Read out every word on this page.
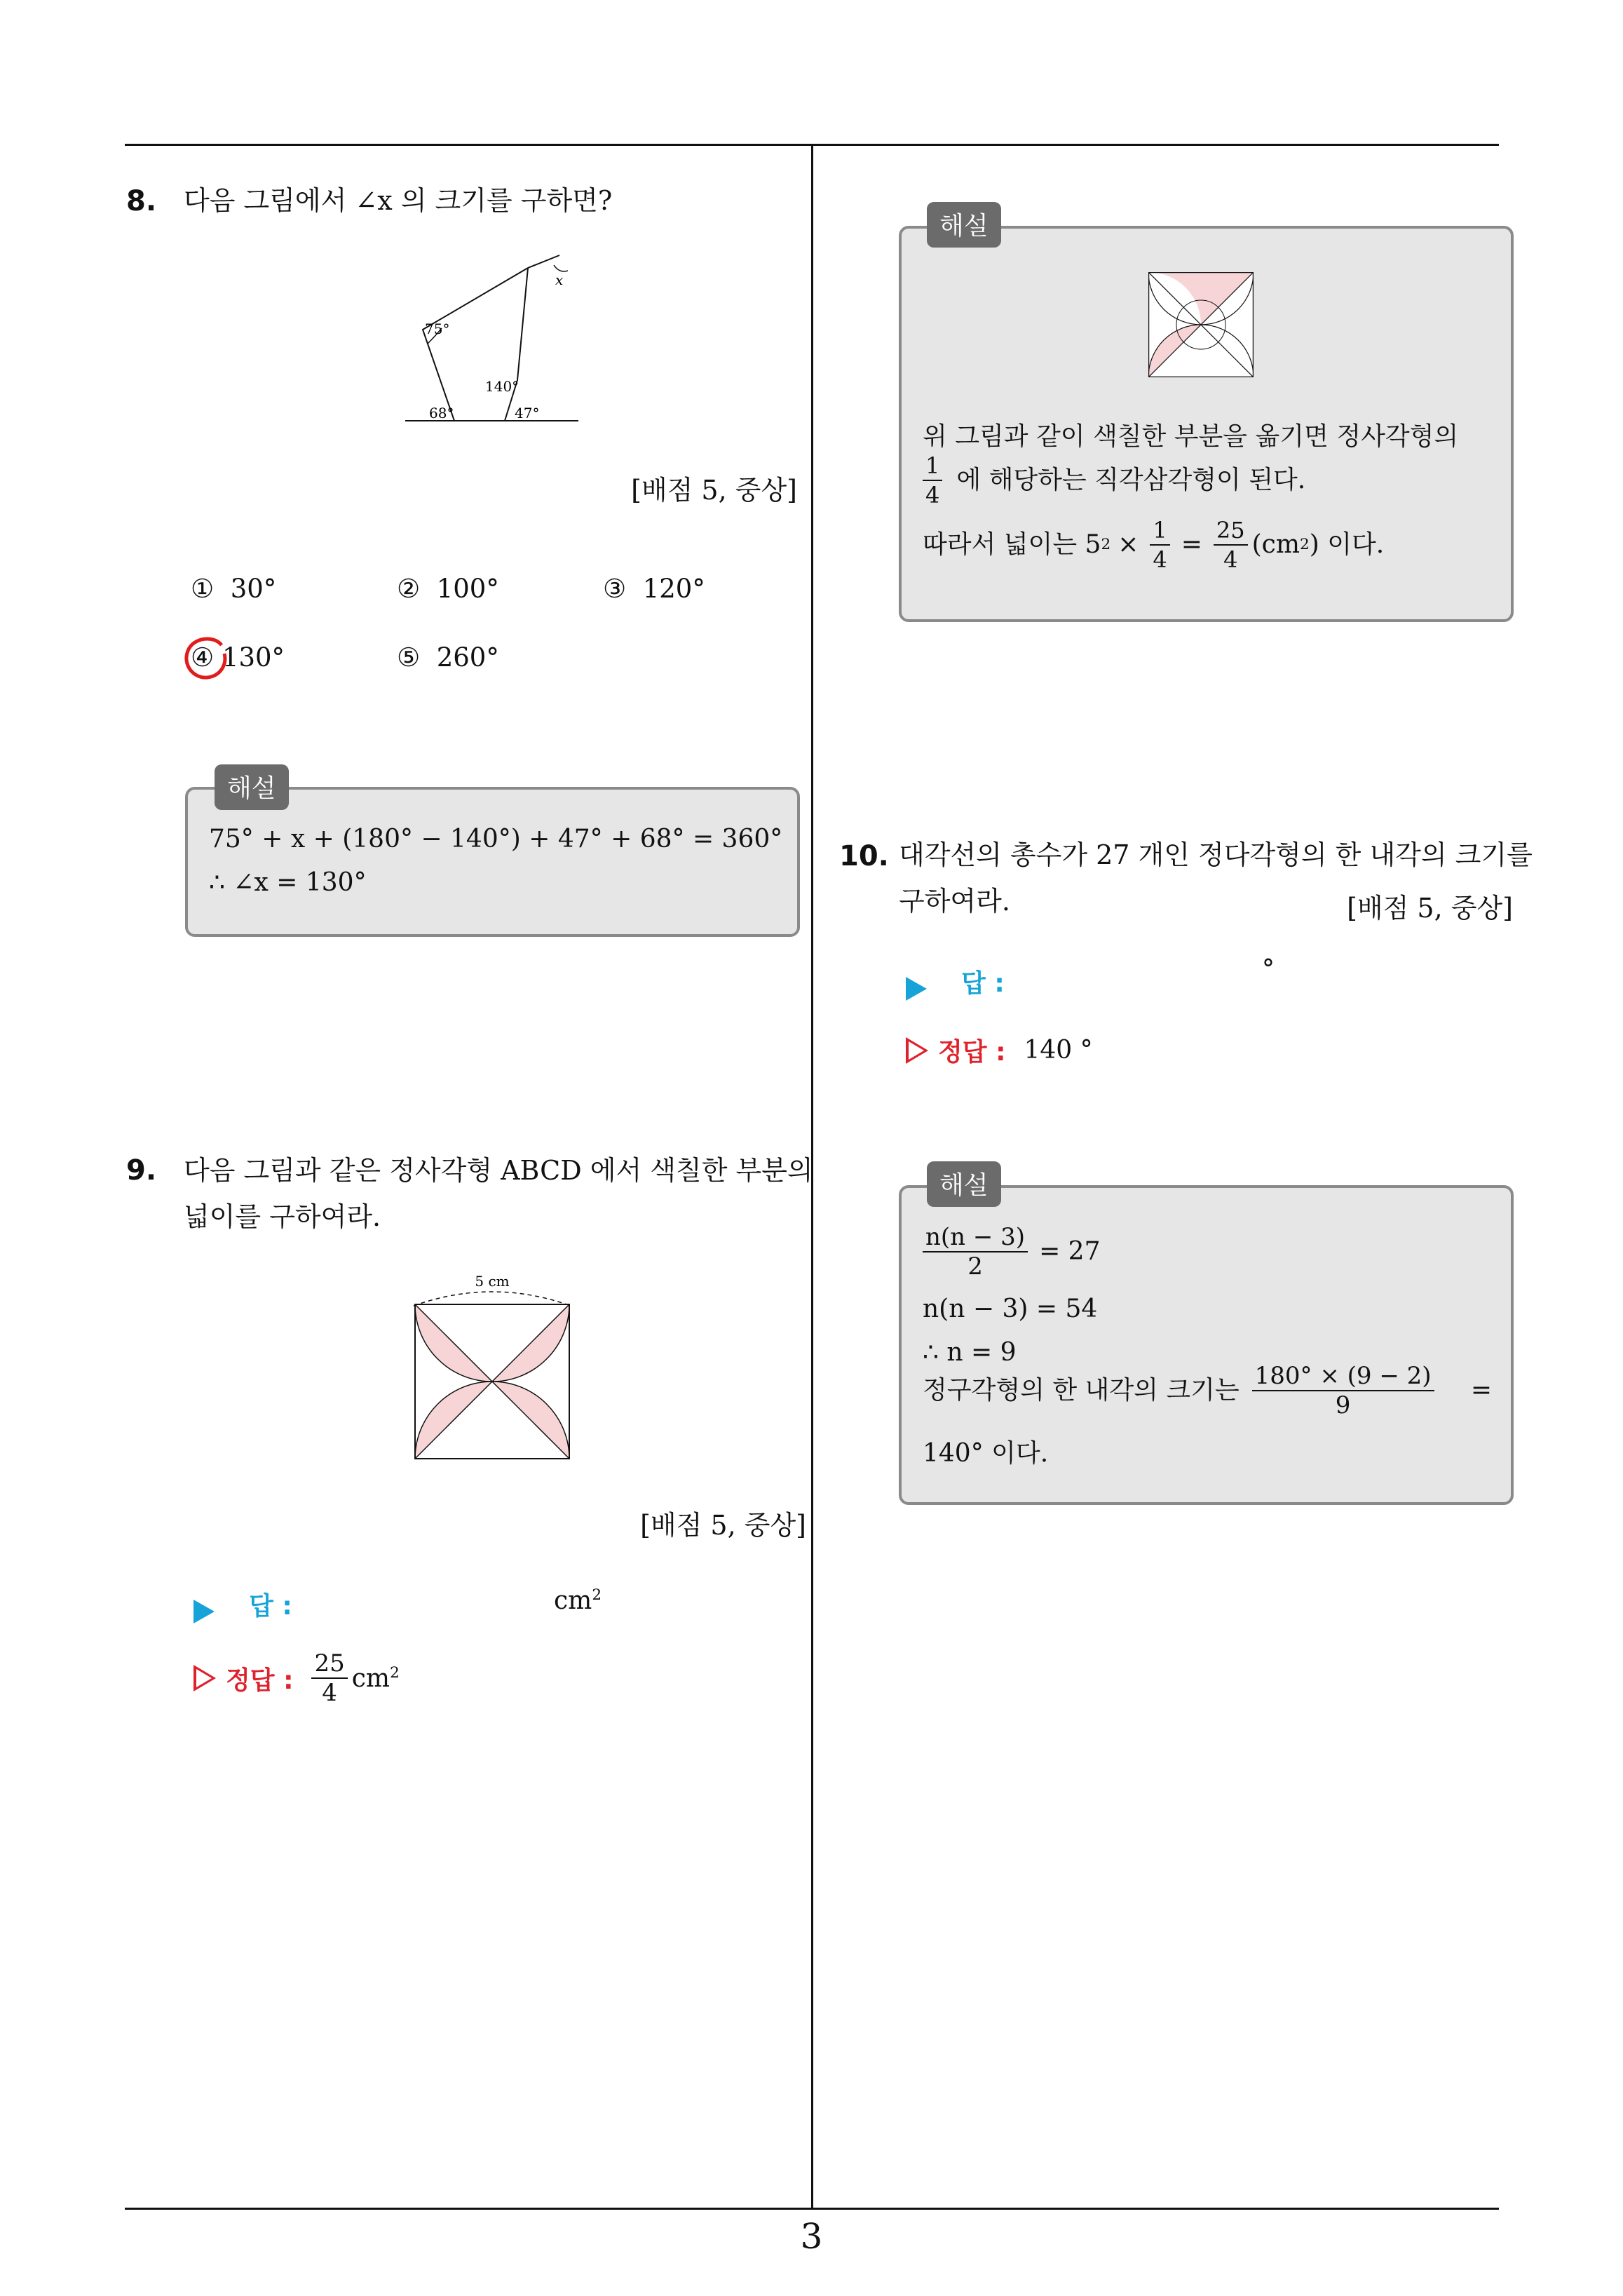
3
8. 다음 그림에서 ∠x 의 크기를 구하면?
x
75°
140°
68°	47°
[배점 5, 중상]
① 30°	② 100°	③ 120°
④ 130°	⑤ 260°
75° + x + (180° − 140°) + 47° + 68° = 360°
∴ ∠x = 130°
해설
9. 다음 그림과 같은 정사각형 ABCD 에서 색칠한 부분의
넓이를 구하여라.
5 cm
[배점 5, 중상]
답 :	$cm^2$
정답 : $\frac{25}{4} cm^2$
위 그림과 같이 색칠한 부분을 옮기면 정사각형의
$\frac{1}{4}$ 에 해당하는 직각삼각형이 된다.
따라서 넓이는 5 $2 \times \frac{1}{4} = \frac{25}{4} (cm$ 2 ) 이다.
해설
10. 대각선의 총수가 27 개인 정다각형의 한 내각의 크기를
구하여라.	[배점 5, 중상]
답 :	°
정답 : 140 °
$\frac{n(n - 3)}{2} = 27$
n(n − 3) = 54
∴ n = 9
정구각형의 한 내각의 크기는 $\frac{180^\circ \times (9 - 2)}{9}$ =
140° 이다.
해설
